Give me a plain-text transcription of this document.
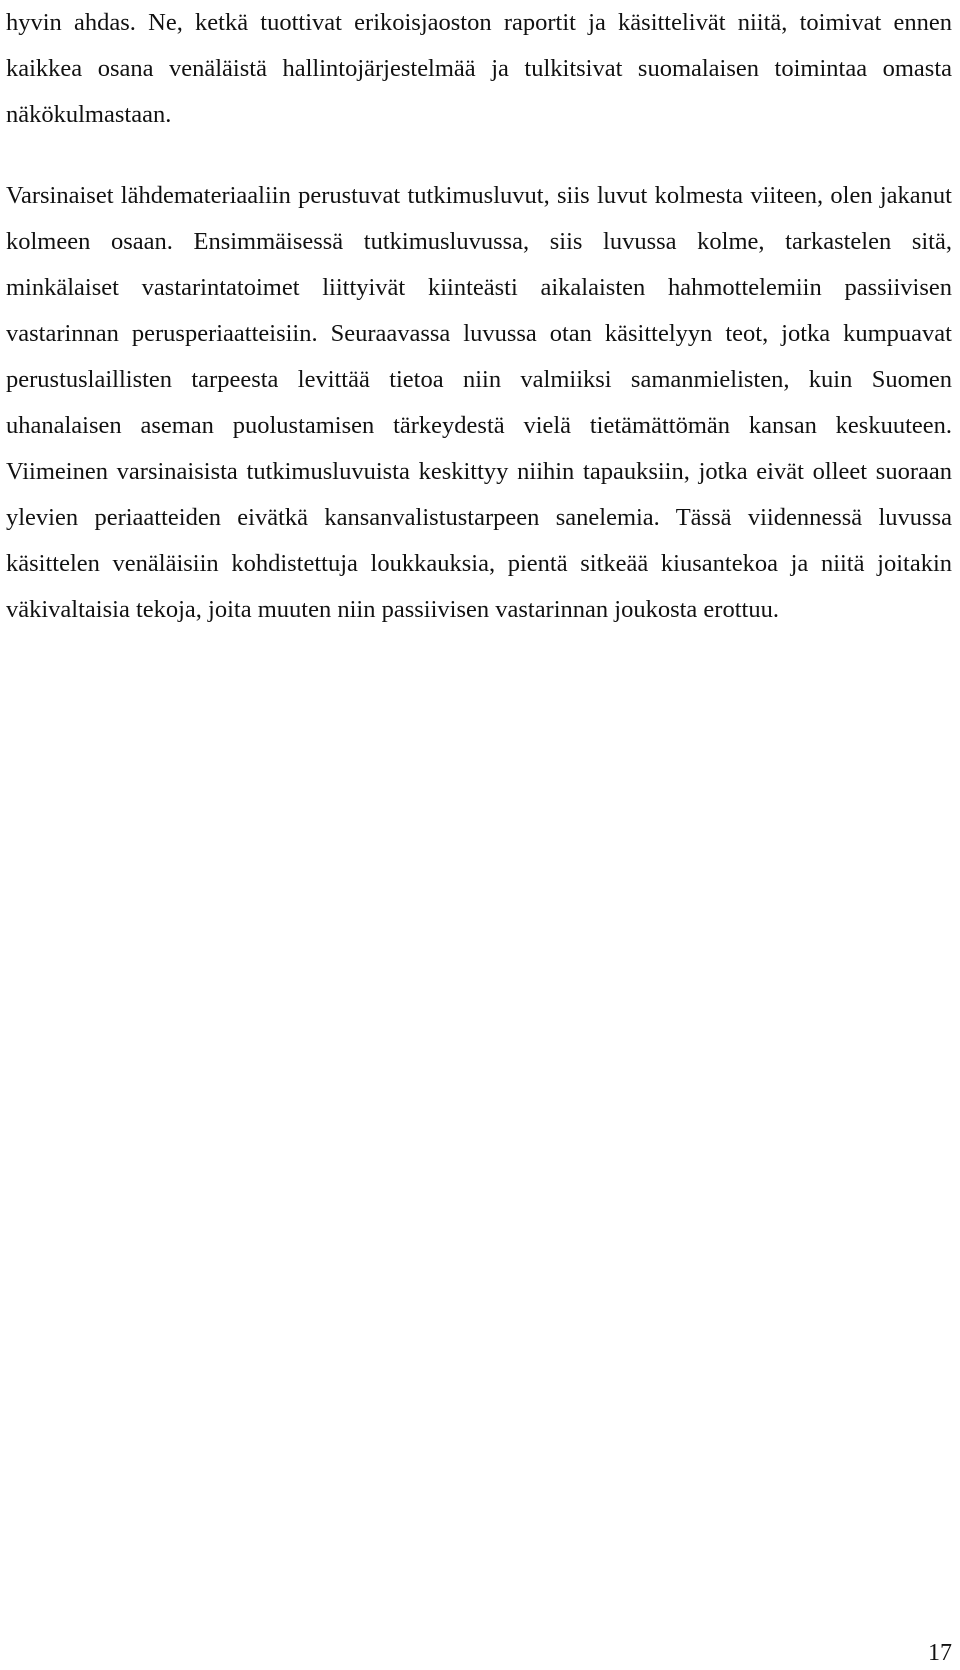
hyvin ahdas. Ne, ketkä tuottivat erikoisjaoston raportit ja käsittelivät niitä, toimivat ennen kaikkea osana venäläistä hallintojärjestelmää ja tulkitsivat suomalaisen toimintaa omasta näkökulmastaan.

Varsinaiset lähdemateriaaliin perustuvat tutkimusluvut, siis luvut kolmesta viiteen, olen jakanut kolmeen osaan. Ensimmäisessä tutkimusluvussa, siis luvussa kolme, tarkastelen sitä, minkälaiset vastarintatoimet liittyivät kiinteästi aikalaisten hahmottelemiin passiivisen vastarinnan perusperiaatteisiin. Seuraavassa luvussa otan käsittelyyn teot, jotka kumpuavat perustuslaillisten tarpeesta levittää tietoa niin valmiiksi samanmielisten, kuin Suomen uhanalaisen aseman puolustamisen tärkeydestä vielä tietämättömän kansan keskuuteen. Viimeinen varsinaisista tutkimusluvuista keskittyy niihin tapauksiin, jotka eivät olleet suoraan ylevien periaatteiden eivätkä kansanvalistustarpeen sanelemia. Tässä viidennessä luvussa käsittelen venäläisiin kohdistettuja loukkauksia, pientä sitkeää kiusantekoa ja niitä joitakin väkivaltaisia tekoja, joita muuten niin passiivisen vastarinnan joukosta erottuu.

17
